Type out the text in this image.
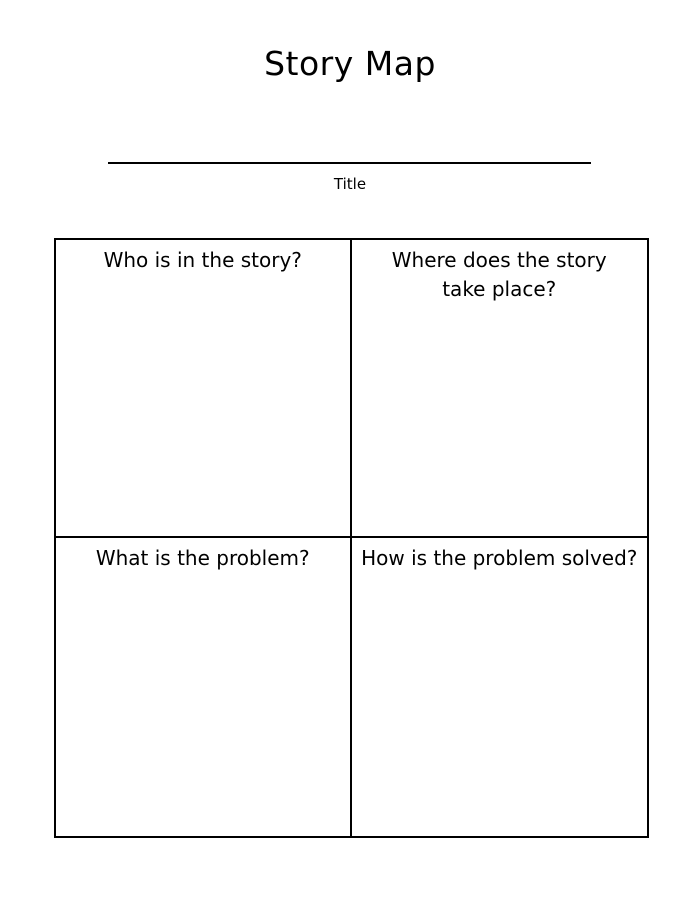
Story Map
Title
Who is in the story?	Where does the story take place?
What is the problem?	How is the problem solved?
